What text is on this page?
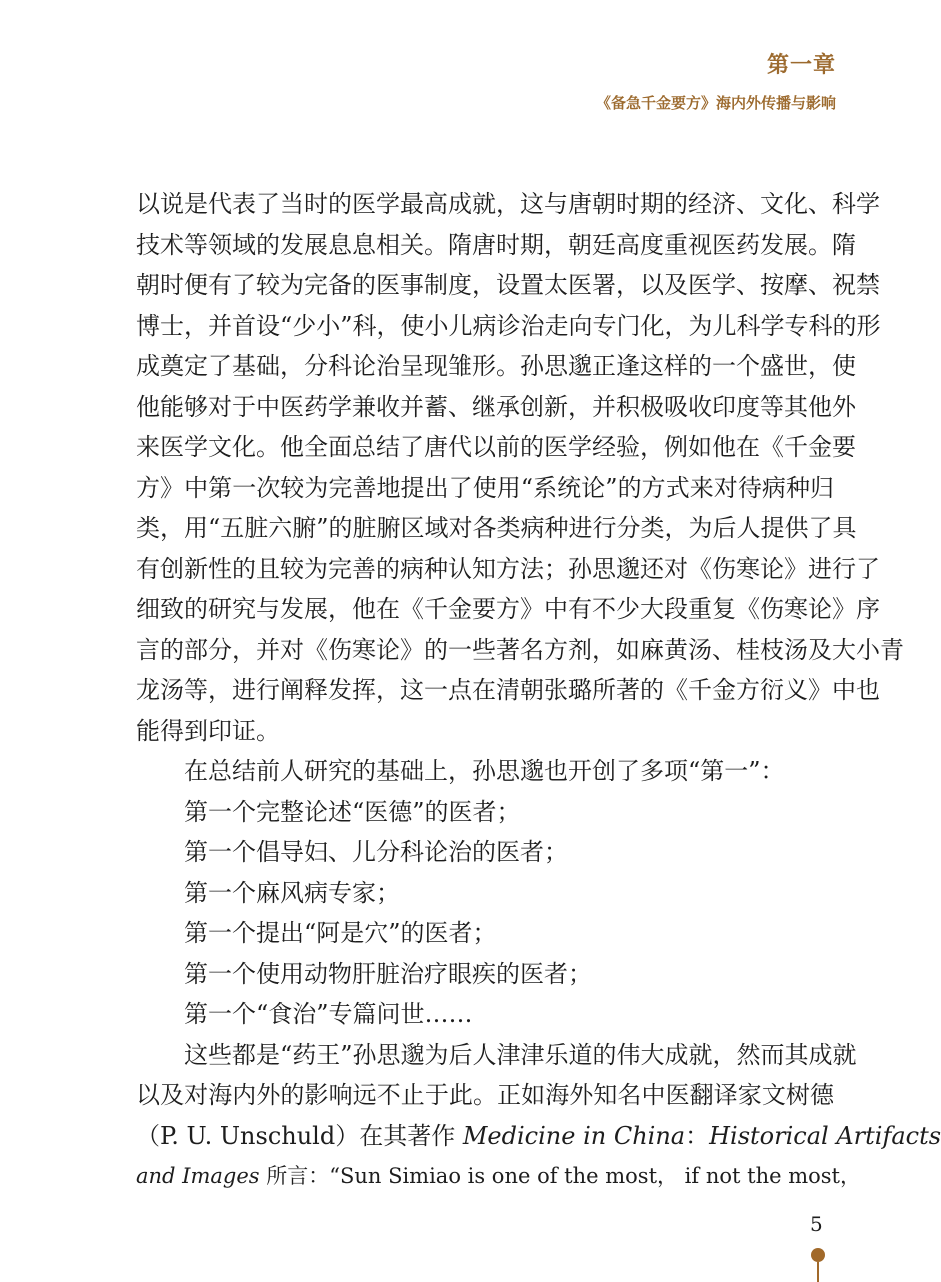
第一章
《备急千金要方》海内外传播与影响
以说是代表了当时的医学最高成就，这与唐朝时期的经济、文化、科学
技术等领域的发展息息相关。隋唐时期，朝廷高度重视医药发展。隋
朝时便有了较为完备的医事制度，设置太医署，以及医学、按摩、祝禁
博士，并首设“少小”科，使小儿病诊治走向专门化，为儿科学专科的形
成奠定了基础，分科论治呈现雏形。孙思邈正逢这样的一个盛世，使
他能够对于中医药学兼收并蓄、继承创新，并积极吸收印度等其他外
来医学文化。他全面总结了唐代以前的医学经验，例如他在《千金要
方》中第一次较为完善地提出了使用“系统论”的方式来对待病种归
类，用“五脏六腑”的脏腑区域对各类病种进行分类，为后人提供了具
有创新性的且较为完善的病种认知方法；孙思邈还对《伤寒论》进行了
细致的研究与发展，他在《千金要方》中有不少大段重复《伤寒论》序
言的部分，并对《伤寒论》的一些著名方剂，如麻黄汤、桂枝汤及大小青
龙汤等，进行阐释发挥，这一点在清朝张璐所著的《千金方衍义》中也
能得到印证。
在总结前人研究的基础上，孙思邈也开创了多项“第一”：
第一个完整论述“医德”的医者；
第一个倡导妇、儿分科论治的医者；
第一个麻风病专家；
第一个提出“阿是穴”的医者；
第一个使用动物肝脏治疗眼疾的医者；
第一个“食治”专篇问世……
这些都是“药王”孙思邈为后人津津乐道的伟大成就，然而其成就
以及对海内外的影响远不止于此。正如海外知名中医翻译家文树德
（P. U. Unschuld）在其著作 Medicine in China：Historical Artifacts
and Images 所言：“Sun Simiao is one of the most， if not the most，
5
